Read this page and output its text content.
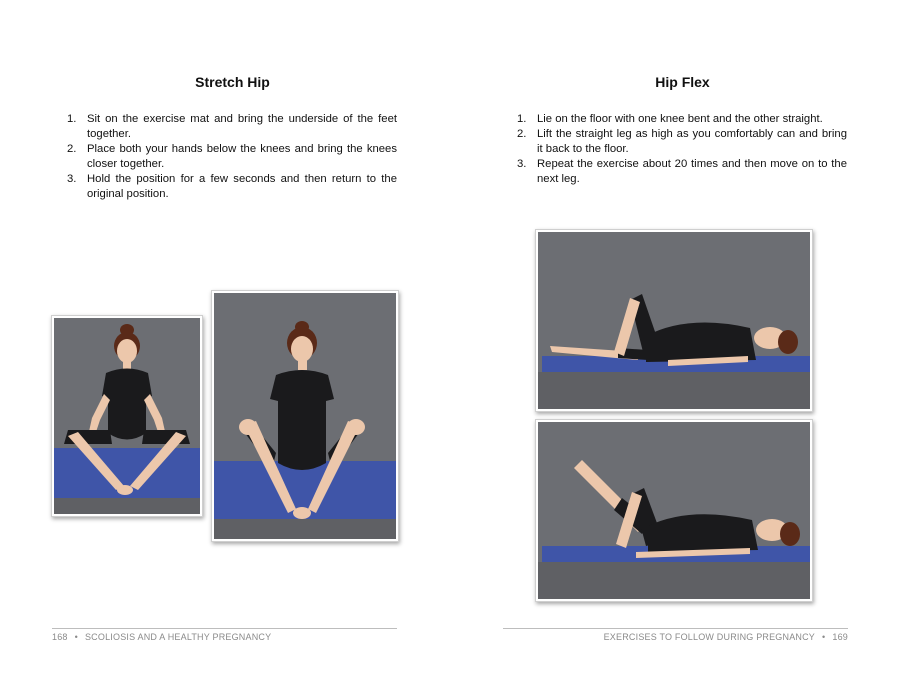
Stretch Hip
1. Sit on the exercise mat and bring the underside of the feet together.
2. Place both your hands below the knees and bring the knees closer together.
3. Hold the position for a few seconds and then return to the original position.
168 • SCOLIOSIS AND A HEALTHY PREGNANCY
Hip Flex
1. Lie on the floor with one knee bent and the other straight.
2. Lift the straight leg as high as you comfortably can and bring it back to the floor.
3. Repeat the exercise about 20 times and then move on to the next leg.
EXERCISES TO FOLLOW DURING PREGNANCY • 169
